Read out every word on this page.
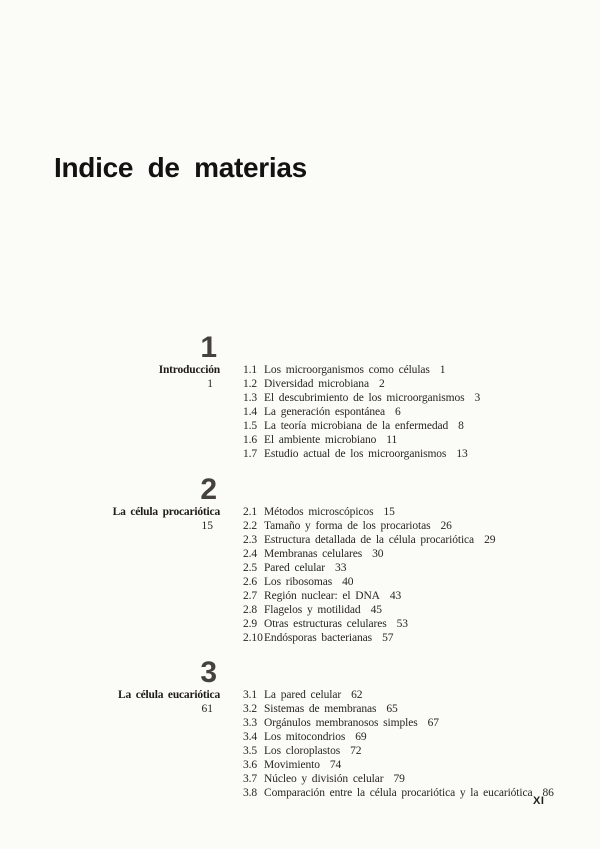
Indice de materias
1
Introducción
1
1.1 Los microorganismos como células 1
1.2 Diversidad microbiana 2
1.3 El descubrimiento de los microorganismos 3
1.4 La generación espontánea 6
1.5 La teoría microbiana de la enfermedad 8
1.6 El ambiente microbiano 11
1.7 Estudio actual de los microorganismos 13
2
La célula procariótica
15
2.1 Métodos microscópicos 15
2.2 Tamaño y forma de los procariotas 26
2.3 Estructura detallada de la célula procariótica 29
2.4 Membranas celulares 30
2.5 Pared celular 33
2.6 Los ribosomas 40
2.7 Región nuclear: el DNA 43
2.8 Flagelos y motilidad 45
2.9 Otras estructuras celulares 53
2.10 Endósporas bacterianas 57
3
La célula eucariótica
61
3.1 La pared celular 62
3.2 Sistemas de membranas 65
3.3 Orgánulos membranosos simples 67
3.4 Los mitocondrios 69
3.5 Los cloroplastos 72
3.6 Movimiento 74
3.7 Núcleo y división celular 79
3.8 Comparación entre la célula procariótica y la eucariótica 86
XI
